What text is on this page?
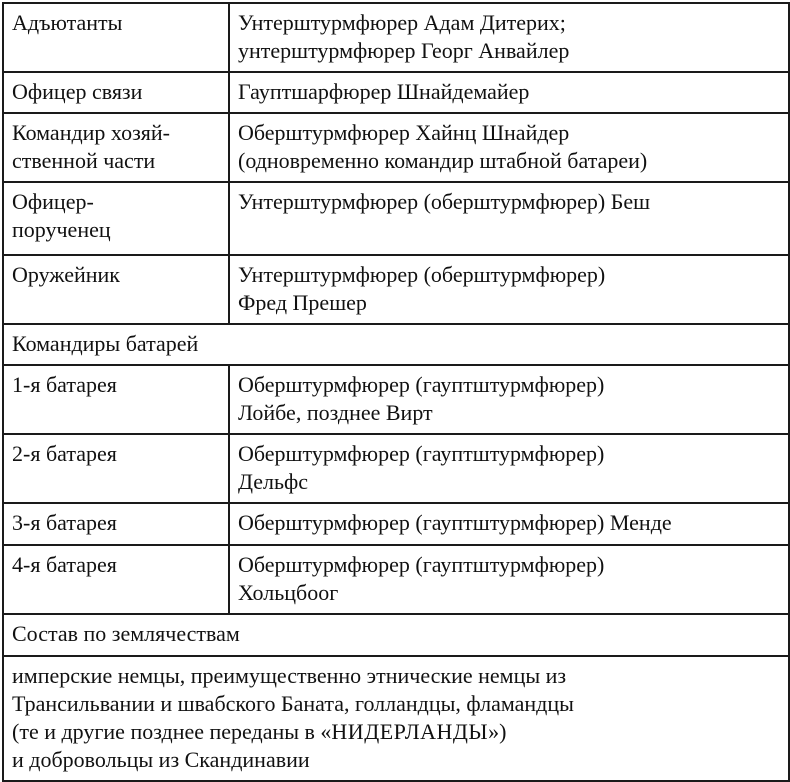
Адъютанты	Унтерштурмфюрер Адам Дитерих;
унтерштурмфюрер Георг Анвайлер

Офицер связи	Гауптшарфюрер Шнайдемайер

Командир хозяй-
ственной части	Оберштурмфюрер Хайнц Шнайдер
(одновременно командир штабной батареи)

Офицер-
порученец	Унтерштурмфюрер (оберштурмфюрер) Беш

Оружейник	Унтерштурмфюрер (оберштурмфюрер)
Фред Прешер

Командиры батарей	
1-я батарея	Оберштурмфюрер (гауптштурмфюрер)
Лойбе, позднее Вирт

2-я батарея	Оберштурмфюрер (гауптштурмфюрер)
Дельфс

3-я батарея	Оберштурмфюрер (гауптштурмфюрер) Менде

4-я батарея	Оберштурмфюрер (гауптштурмфюрер)
Хольцбоог

Состав по землячествам	

имперские немцы, преимущественно этнические немцы из
Трансильвании и швабского Баната, голландцы, фламандцы
(те и другие позднее переданы в «НИДЕРЛАНДЫ»)
и добровольцы из Скандинавии	
